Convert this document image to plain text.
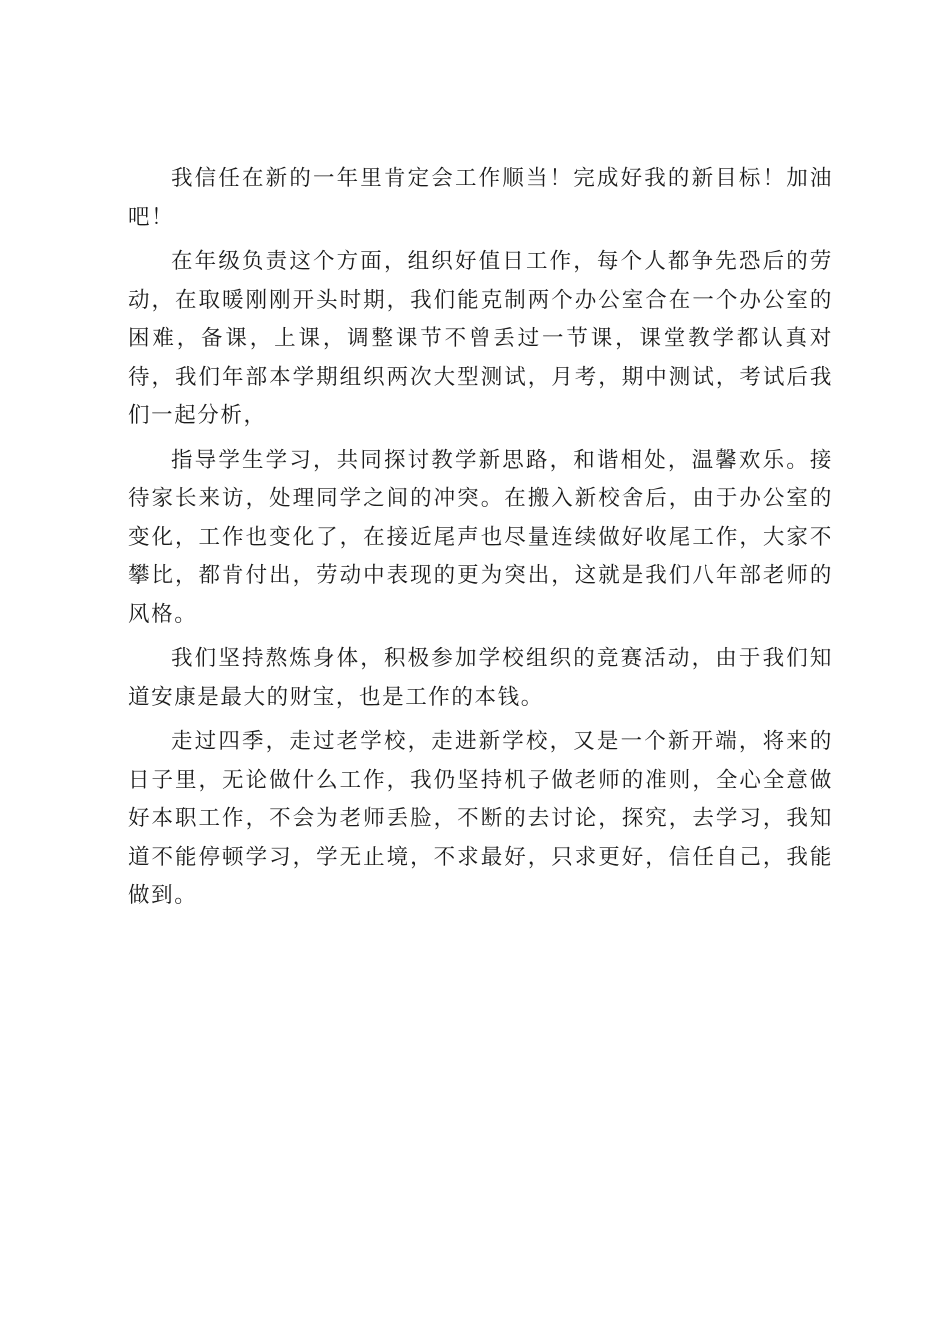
我信任在新的一年里肯定会工作顺当！完成好我的新目标！加油吧！

在年级负责这个方面，组织好值日工作，每个人都争先恐后的劳动，在取暖刚刚开头时期，我们能克制两个办公室合在一个办公室的困难，备课，上课，调整课节不曾丢过一节课，课堂教学都认真对待，我们年部本学期组织两次大型测试，月考，期中测试，考试后我们一起分析，

指导学生学习，共同探讨教学新思路，和谐相处，温馨欢乐。接待家长来访，处理同学之间的冲突。在搬入新校舍后，由于办公室的变化，工作也变化了，在接近尾声也尽量连续做好收尾工作，大家不攀比，都肯付出，劳动中表现的更为突出，这就是我们八年部老师的风格。

我们坚持熬炼身体，积极参加学校组织的竞赛活动，由于我们知道安康是最大的财宝，也是工作的本钱。

走过四季，走过老学校，走进新学校，又是一个新开端，将来的日子里，无论做什么工作，我仍坚持机子做老师的准则，全心全意做好本职工作，不会为老师丢脸，不断的去讨论，探究，去学习，我知道不能停顿学习，学无止境，不求最好，只求更好，信任自己，我能做到。
